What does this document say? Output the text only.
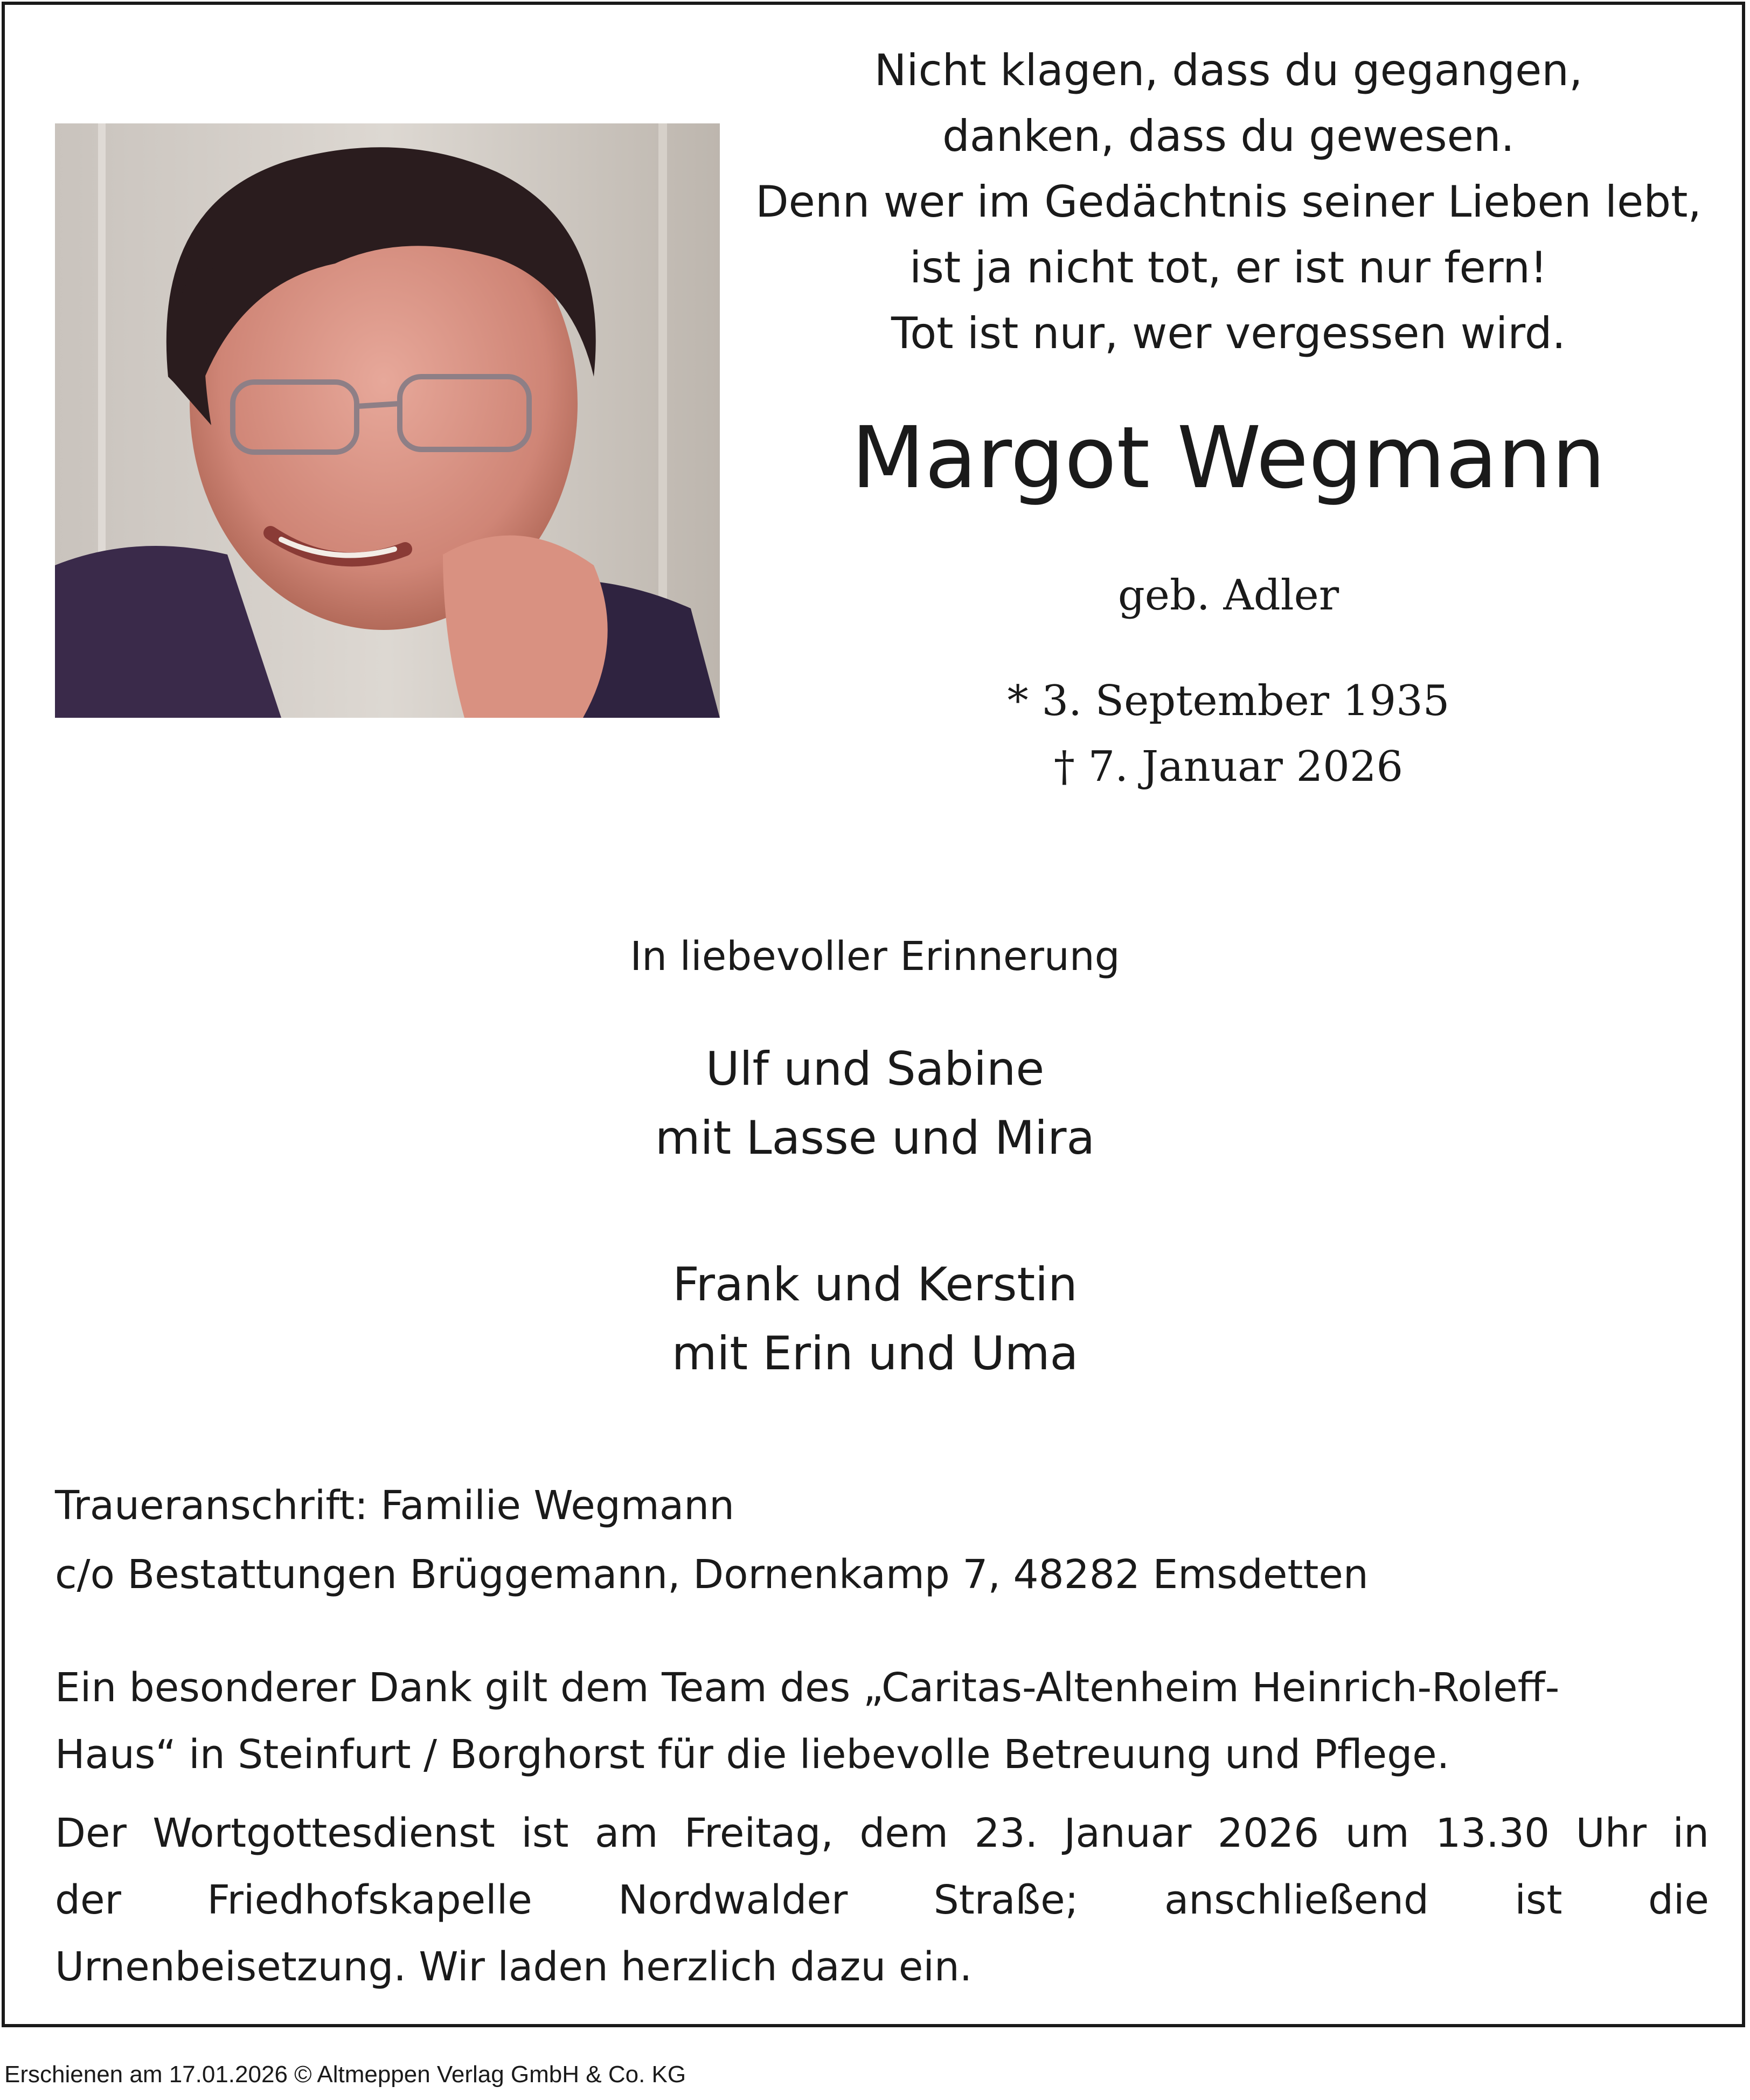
Nicht klagen, dass du gegangen,
danken, dass du gewesen.
Denn wer im Gedächtnis seiner Lieben lebt,
ist ja nicht tot, er ist nur fern!
Tot ist nur, wer vergessen wird.
Margot Wegmann
geb. Adler
* 3. September 1935
† 7. Januar 2026
In liebevoller Erinnerung
Ulf und Sabine
mit Lasse und Mira
Frank und Kerstin
mit Erin und Uma
Traueranschrift: Familie Wegmann
c/o Bestattungen Brüggemann, Dornenkamp 7, 48282 Emsdetten
Ein besonderer Dank gilt dem Team des „Caritas-Altenheim Heinrich-Roleff-
Haus“ in Steinfurt / Borghorst für die liebevolle Betreuung und Pflege.
Der Wortgottesdienst ist am Freitag, dem 23. Januar 2026 um 13.30 Uhr in
der Friedhofskapelle Nordwalder Straße; anschließend ist die
Urnenbeisetzung. Wir laden herzlich dazu ein.
Erschienen am 17.01.2026 © Altmeppen Verlag GmbH & Co. KG
